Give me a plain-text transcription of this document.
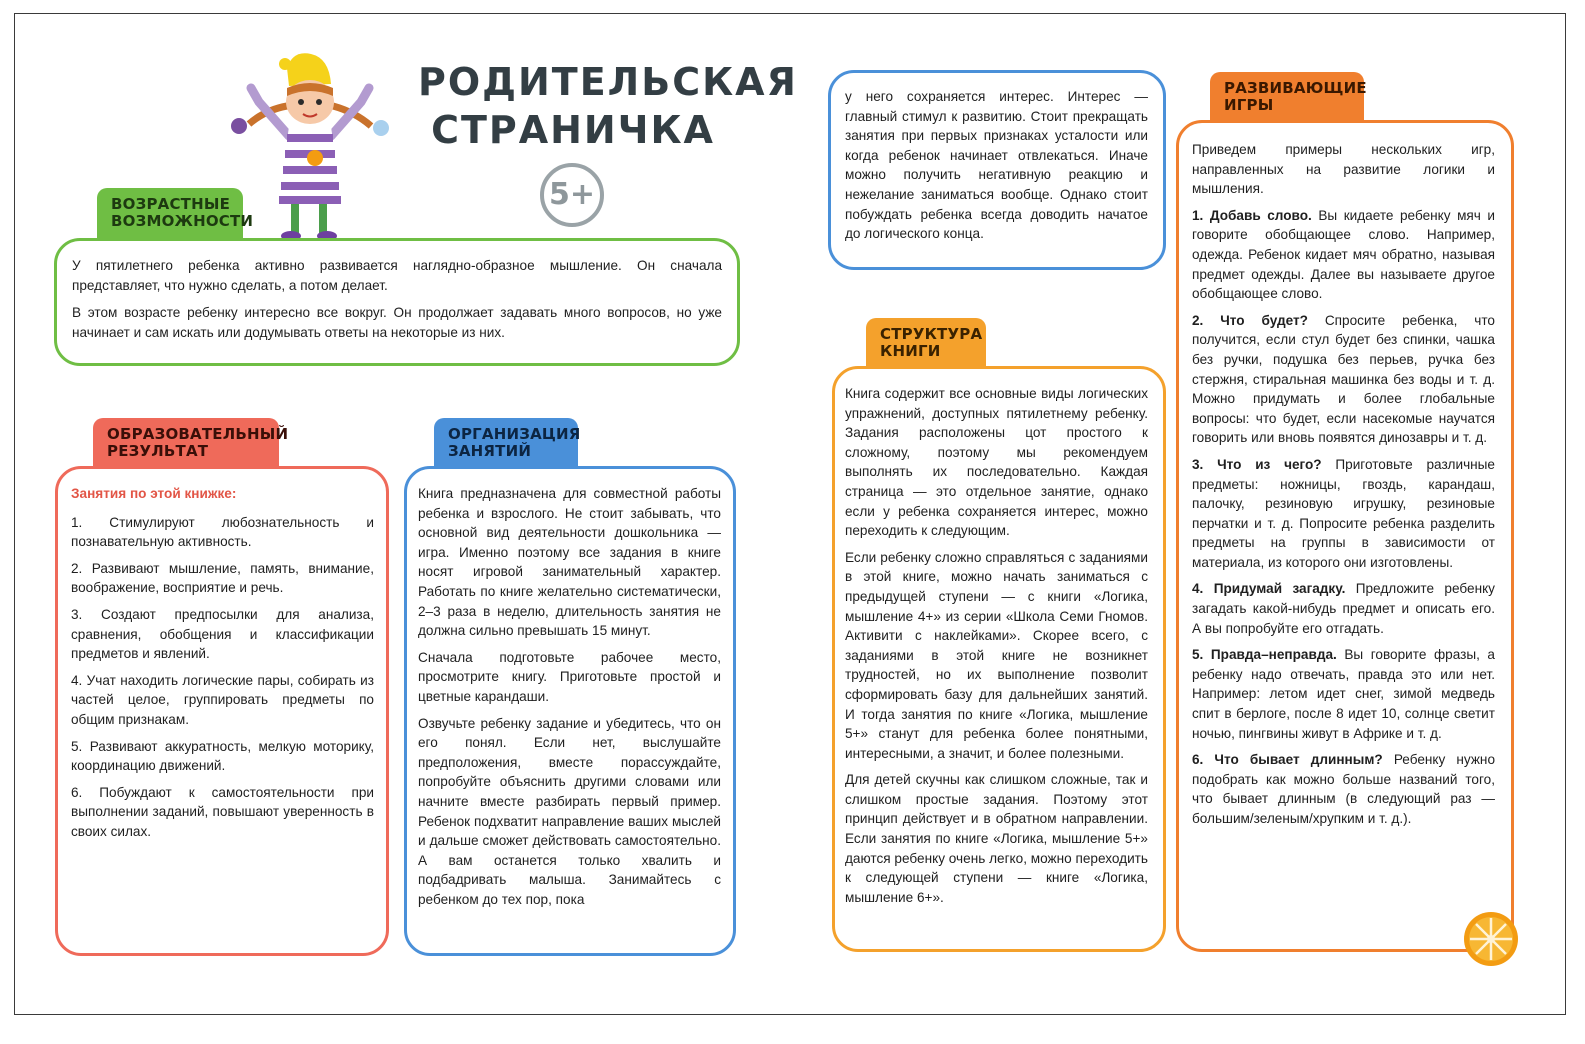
РОДИТЕЛЬСКАЯ
СТРАНИЧКА
5+
ВОЗРАСТНЫЕ
ВОЗМОЖНОСТИ

У пятилетнего ребенка активно развивается наглядно-образное мышление. Он сначала представляет, что нужно сделать, а потом делает.

В этом возрасте ребенку интересно все вокруг. Он продолжает задавать много вопросов, но уже начинает и сам искать или додумывать ответы на некоторые из них.

ОБРАЗОВАТЕЛЬНЫЙ
РЕЗУЛЬТАТ

Занятия по этой книжке:

1. Стимулируют любознательность и познавательную активность.

2. Развивают мышление, память, внимание, воображение, восприятие и речь.

3. Создают предпосылки для анализа, сравнения, обобщения и классификации предметов и явлений.

4. Учат находить логические пары, собирать из частей целое, группировать предметы по общим признакам.

5. Развивают аккуратность, мелкую моторику, координацию движений.

6. Побуждают к самостоятельности при выполнении заданий, повышают уверенность в своих силах.

ОРГАНИЗАЦИЯ
ЗАНЯТИЙ

Книга предназначена для совместной работы ребенка и взрослого. Не стоит забывать, что основной вид деятельности дошкольника — игра. Именно поэтому все задания в книге носят игровой занимательный характер. Работать по книге желательно систематически, 2–3 раза в неделю, длительность занятия не должна сильно превышать 15 минут.

Сначала подготовьте рабочее место, просмотрите книгу. Приготовьте простой и цветные карандаши.

Озвучьте ребенку задание и убедитесь, что он его понял. Если нет, выслушайте предположения, вместе порассуждайте, попробуйте объяснить другими словами или начните вместе разбирать первый пример. Ребенок подхватит направление ваших мыслей и дальше сможет действовать самостоятельно. А вам останется только хвалить и подбадривать малыша. Занимайтесь с ребенком до тех пор, пока

у него сохраняется интерес. Интерес — главный стимул к развитию. Стоит прекращать занятия при первых признаках усталости или когда ребенок начинает отвлекаться. Иначе можно получить негативную реакцию и нежелание заниматься вообще. Однако стоит побуждать ребенка всегда доводить начатое до логического конца.

СТРУКТУРА
КНИГИ

Книга содержит все основные виды логических упражнений, доступных пятилетнему ребенку. Задания расположены цот простого к сложному, поэтому мы рекомендуем выполнять их последовательно. Каждая страница — это отдельное занятие, однако если у ребенка сохраняется интерес, можно переходить к следующим.

Если ребенку сложно справляться с заданиями в этой книге, можно начать заниматься с предыдущей ступени — с книги «Логика, мышление 4+» из серии «Школа Семи Гномов. Активити с наклейками». Скорее всего, с заданиями в этой книге не возникнет трудностей, но их выполнение позволит сформировать базу для дальнейших занятий. И тогда занятия по книге «Логика, мышление 5+» станут для ребенка более понятными, интересными, а значит, и более полезными.

Для детей скучны как слишком сложные, так и слишком простые задания. Поэтому этот принцип действует и в обратном направлении. Если занятия по книге «Логика, мышление 5+» даются ребенку очень легко, можно переходить к следующей ступени — книге «Логика, мышление 6+».

РАЗВИВАЮЩИЕ
ИГРЫ

Приведем примеры нескольких игр, направленных на развитие логики и мышления.

1. Добавь слово. Вы кидаете ребенку мяч и говорите обобщающее слово. Например, одежда. Ребенок кидает мяч обратно, называя предмет одежды. Далее вы называете другое обобщающее слово.

2. Что будет? Спросите ребенка, что получится, если стул будет без спинки, чашка без ручки, подушка без перьев, ручка без стержня, стиральная машинка без воды и т. д. Можно придумать и более глобальные вопросы: что будет, если насекомые научатся говорить или вновь появятся динозавры и т. д.

3. Что из чего? Приготовьте различные предметы: ножницы, гвоздь, карандаш, палочку, резиновую игрушку, резиновые перчатки и т. д. Попросите ребенка разделить предметы на группы в зависимости от материала, из которого они изготовлены.

4. Придумай загадку. Предложите ребенку загадать какой-нибудь предмет и описать его. А вы попробуйте его отгадать.

5. Правда–неправда. Вы говорите фразы, а ребенку надо отвечать, правда это или нет. Например: летом идет снег, зимой медведь спит в берлоге, после 8 идет 10, солнце светит ночью, пингвины живут в Африке и т. д.

6. Что бывает длинным? Ребенку нужно подобрать как можно больше названий того, что бывает длинным (в следующий раз — большим/зеленым/хрупким и т. д.).
